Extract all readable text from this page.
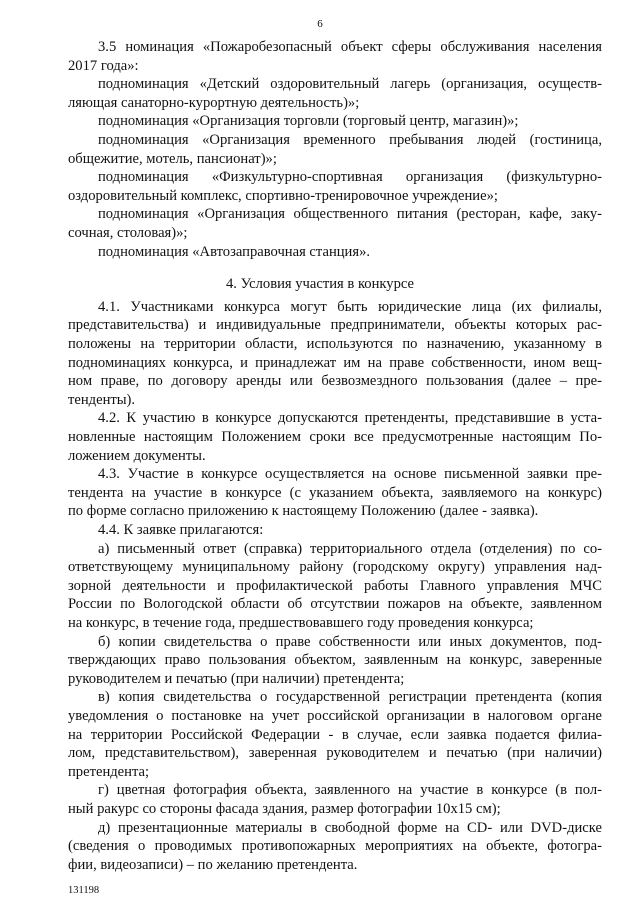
6
3.5 номинация «Пожаробезопасный объект сферы обслуживания населения
2017 года»:
подноминация «Детский оздоровительный лагерь (организация, осуществ-
ляющая санаторно-курортную деятельность)»;
подноминация «Организация торговли (торговый центр, магазин)»;
подноминация «Организация временного пребывания людей (гостиница,
общежитие, мотель, пансионат)»;
подноминация «Физкультурно-спортивная организация (физкультурно-
оздоровительный комплекс, спортивно-тренировочное учреждение»;
подноминация «Организация общественного питания (ресторан, кафе, заку-
сочная, столовая)»;
подноминация «Автозаправочная станция».
4. Условия участия в конкурсе
4.1. Участниками конкурса могут быть юридические лица (их филиалы,
представительства) и индивидуальные предприниматели, объекты которых рас-
положены на территории области, используются по назначению, указанному в
подноминациях конкурса, и принадлежат им на праве собственности, ином вещ-
ном праве, по договору аренды или безвозмездного пользования (далее – пре-
тенденты).
4.2. К участию в конкурсе допускаются претенденты, представившие в уста-
новленные настоящим Положением сроки все предусмотренные настоящим По-
ложением документы.
4.3. Участие в конкурсе осуществляется на основе письменной заявки пре-
тендента на участие в конкурсе (с указанием объекта, заявляемого на конкурс)
по форме согласно приложению к настоящему Положению (далее - заявка).
4.4. К заявке прилагаются:
а) письменный ответ (справка) территориального отдела (отделения) по со-
ответствующему муниципальному району (городскому округу) управления над-
зорной деятельности и профилактической работы Главного управления МЧС
России по Вологодской области об отсутствии пожаров на объекте, заявленном
на конкурс, в течение года, предшествовавшего году проведения конкурса;
б) копии свидетельства о праве собственности или иных документов, под-
тверждающих право пользования объектом, заявленным на конкурс, заверенные
руководителем и печатью (при наличии) претендента;
в) копия свидетельства о государственной регистрации претендента (копия
уведомления о постановке на учет российской организации в налоговом органе
на территории Российской Федерации - в случае, если заявка подается филиа-
лом, представительством), заверенная руководителем и печатью (при наличии)
претендента;
г) цветная фотография объекта, заявленного на участие в конкурсе (в пол-
ный ракурс со стороны фасада здания, размер фотографии 10х15 см);
д) презентационные материалы в свободной форме на CD- или DVD-диске
(сведения о проводимых противопожарных мероприятиях на объекте, фотогра-
фии, видеозаписи) – по желанию претендента.
131198
